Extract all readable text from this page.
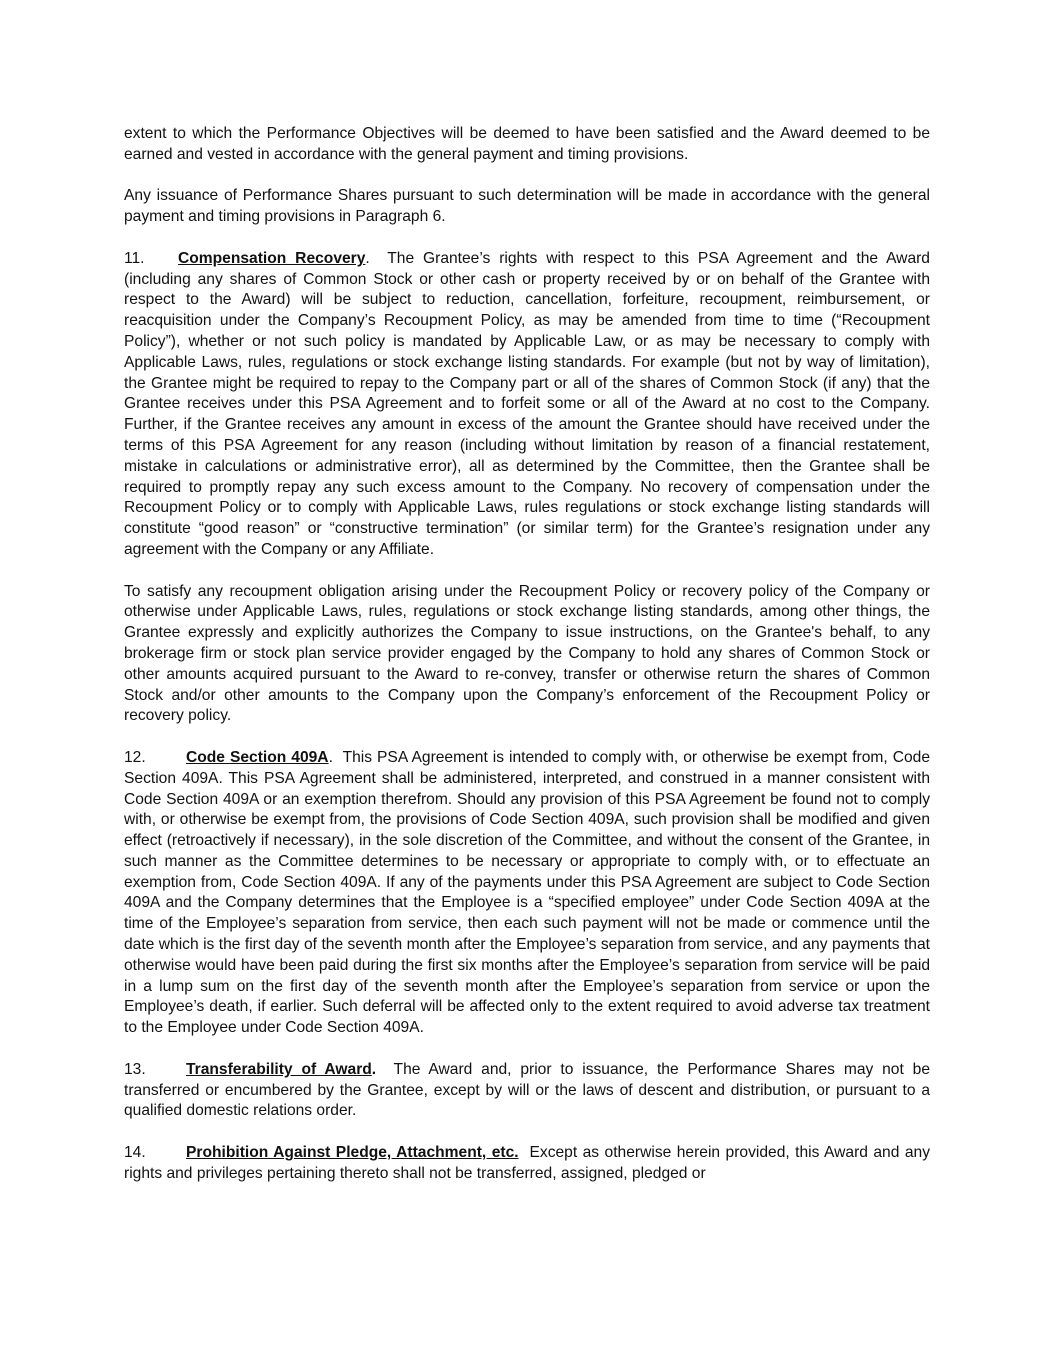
extent to which the Performance Objectives will be deemed to have been satisfied and the Award deemed to be earned and vested in accordance with the general payment and timing provisions.

Any issuance of Performance Shares pursuant to such determination will be made in accordance with the general payment and timing provisions in Paragraph 6.

11. Compensation Recovery. The Grantee’s rights with respect to this PSA Agreement and the Award (including any shares of Common Stock or other cash or property received by or on behalf of the Grantee with respect to the Award) will be subject to reduction, cancellation, forfeiture, recoupment, reimbursement, or reacquisition under the Company’s Recoupment Policy, as may be amended from time to time (“Recoupment Policy”), whether or not such policy is mandated by Applicable Law, or as may be necessary to comply with Applicable Laws, rules, regulations or stock exchange listing standards. For example (but not by way of limitation), the Grantee might be required to repay to the Company part or all of the shares of Common Stock (if any) that the Grantee receives under this PSA Agreement and to forfeit some or all of the Award at no cost to the Company. Further, if the Grantee receives any amount in excess of the amount the Grantee should have received under the terms of this PSA Agreement for any reason (including without limitation by reason of a financial restatement, mistake in calculations or administrative error), all as determined by the Committee, then the Grantee shall be required to promptly repay any such excess amount to the Company. No recovery of compensation under the Recoupment Policy or to comply with Applicable Laws, rules regulations or stock exchange listing standards will constitute “good reason” or “constructive termination” (or similar term) for the Grantee’s resignation under any agreement with the Company or any Affiliate.

To satisfy any recoupment obligation arising under the Recoupment Policy or recovery policy of the Company or otherwise under Applicable Laws, rules, regulations or stock exchange listing standards, among other things, the Grantee expressly and explicitly authorizes the Company to issue instructions, on the Grantee's behalf, to any brokerage firm or stock plan service provider engaged by the Company to hold any shares of Common Stock or other amounts acquired pursuant to the Award to re-convey, transfer or otherwise return the shares of Common Stock and/or other amounts to the Company upon the Company’s enforcement of the Recoupment Policy or recovery policy.

12.	Code Section 409A. This PSA Agreement is intended to comply with, or otherwise be exempt from, Code Section 409A. This PSA Agreement shall be administered, interpreted, and construed in a manner consistent with Code Section 409A or an exemption therefrom. Should any provision of this PSA Agreement be found not to comply with, or otherwise be exempt from, the provisions of Code Section 409A, such provision shall be modified and given effect (retroactively if necessary), in the sole discretion of the Committee, and without the consent of the Grantee, in such manner as the Committee determines to be necessary or appropriate to comply with, or to effectuate an exemption from, Code Section 409A. If any of the payments under this PSA Agreement are subject to Code Section 409A and the Company determines that the Employee is a “specified employee” under Code Section 409A at the time of the Employee’s separation from service, then each such payment will not be made or commence until the date which is the first day of the seventh month after the Employee’s separation from service, and any payments that otherwise would have been paid during the first six months after the Employee’s separation from service will be paid in a lump sum on the first day of the seventh month after the Employee’s separation from service or upon the Employee’s death, if earlier. Such deferral will be affected only to the extent required to avoid adverse tax treatment to the Employee under Code Section 409A.

13.	Transferability of Award. The Award and, prior to issuance, the Performance Shares may not be transferred or encumbered by the Grantee, except by will or the laws of descent and distribution, or pursuant to a qualified domestic relations order.

14.	Prohibition Against Pledge, Attachment, etc. Except as otherwise herein provided, this Award and any rights and privileges pertaining thereto shall not be transferred, assigned, pledged or
